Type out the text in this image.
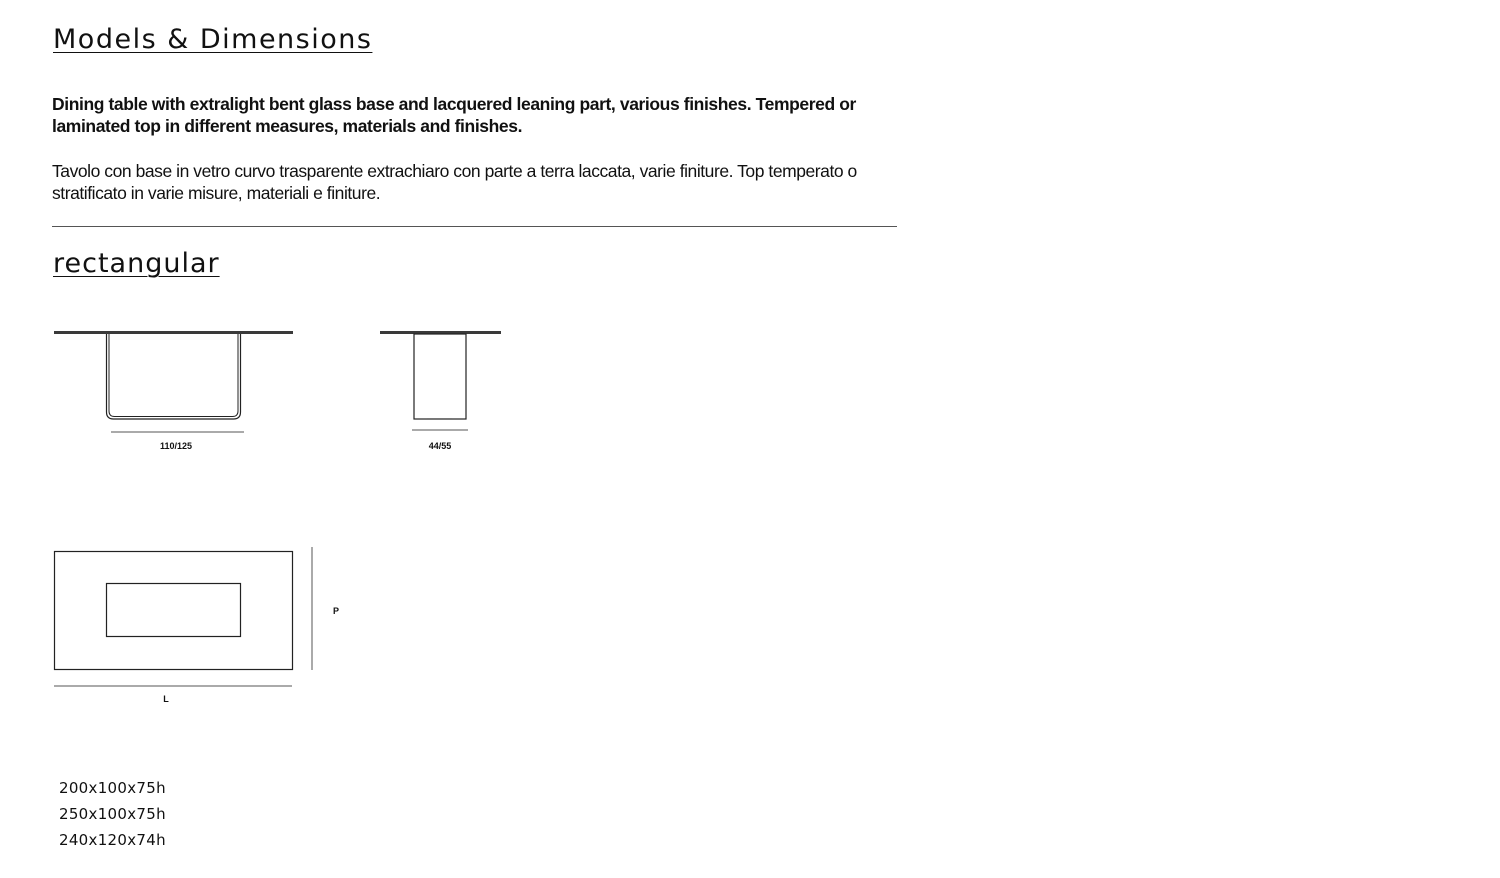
Models & Dimensions

Dining table with extralight bent glass base and lacquered leaning part, various finishes. Tempered or laminated top in different measures, materials and finishes.

Tavolo con base in vetro curvo trasparente extrachiaro con parte a terra laccata, varie finiture. Top temperato o stratificato in varie misure, materiali e finiture.

rectangular
110/125	44/55
L
P
200x100x75h
250x100x75h
240x120x74h
